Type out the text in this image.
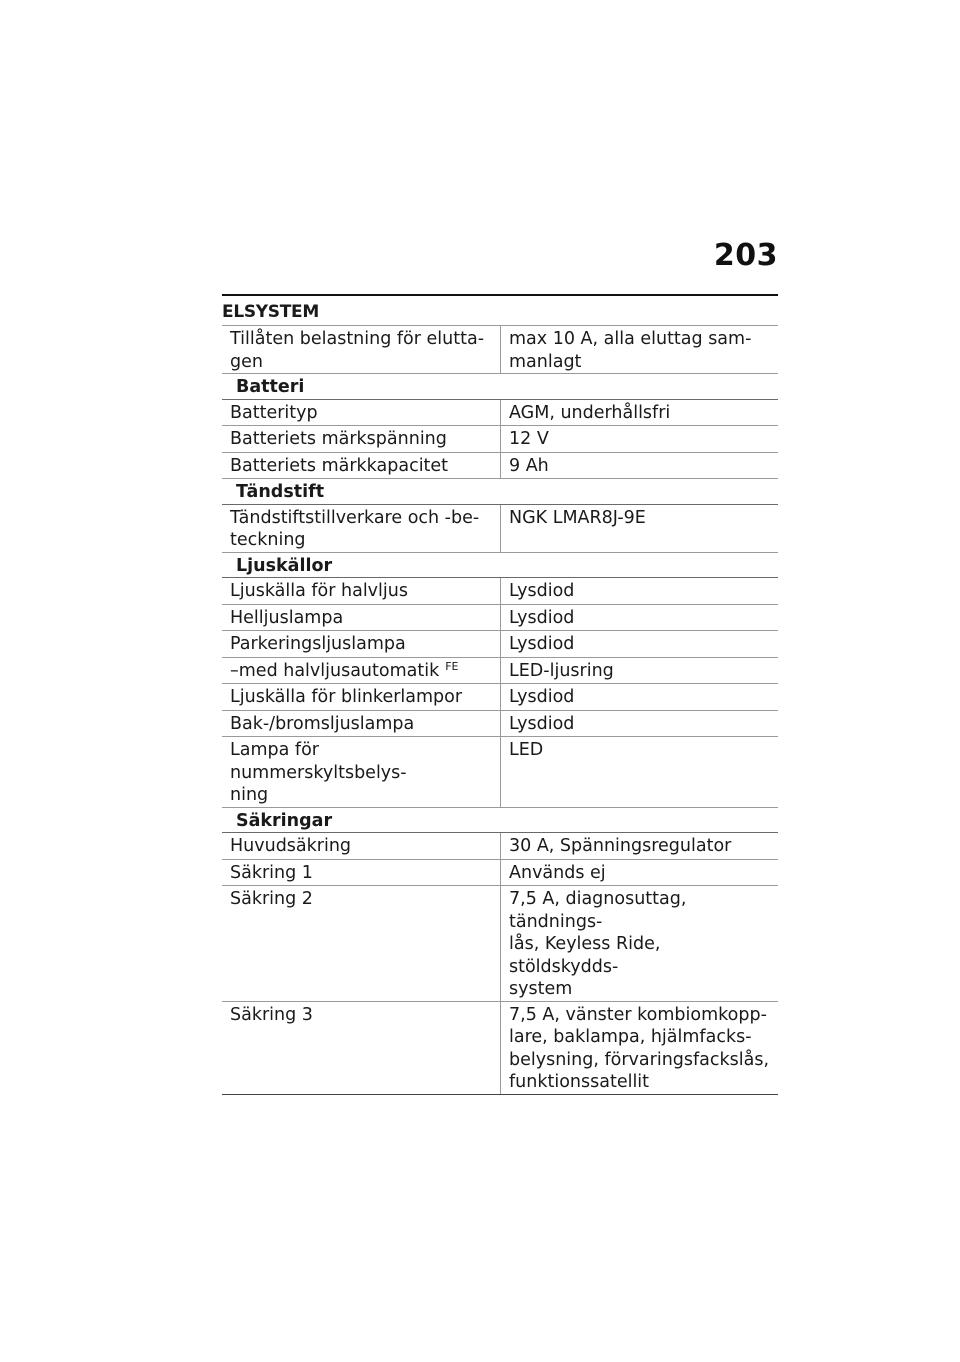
203
ELSYSTEM
Tillåten belastning för elutta-
gen	max 10 A, alla eluttag sam-
manlagt
Batteri	
Batterityp	AGM, underhållsfri
Batteriets märkspänning	12 V
Batteriets märkkapacitet	9 Ah
Tändstift	
Tändstiftstillverkare och -be-
teckning	NGK LMAR8J-9E
Ljuskällor	
Ljuskälla för halvljus	Lysdiod
Helljuslampa	Lysdiod
Parkeringsljuslampa	Lysdiod
–med halvljusautomatik $^{FE}$	LED-ljusring
Ljuskälla för blinkerlampor	Lysdiod
Bak-/bromsljuslampa	Lysdiod
Lampa för nummerskyltsbelys-
ning	LED
Säkringar	
Huvudsäkring	30 A, Spänningsregulator
Säkring 1	Används ej
Säkring 2	7,5 A, diagnosuttag, tändnings-
lås, Keyless Ride, stöldskydds-
system
Säkring 3	7,5 A, vänster kombiomkopp-
lare, baklampa, hjälmfacks-
belysning, förvaringsfackslås,
funktionssatellit
